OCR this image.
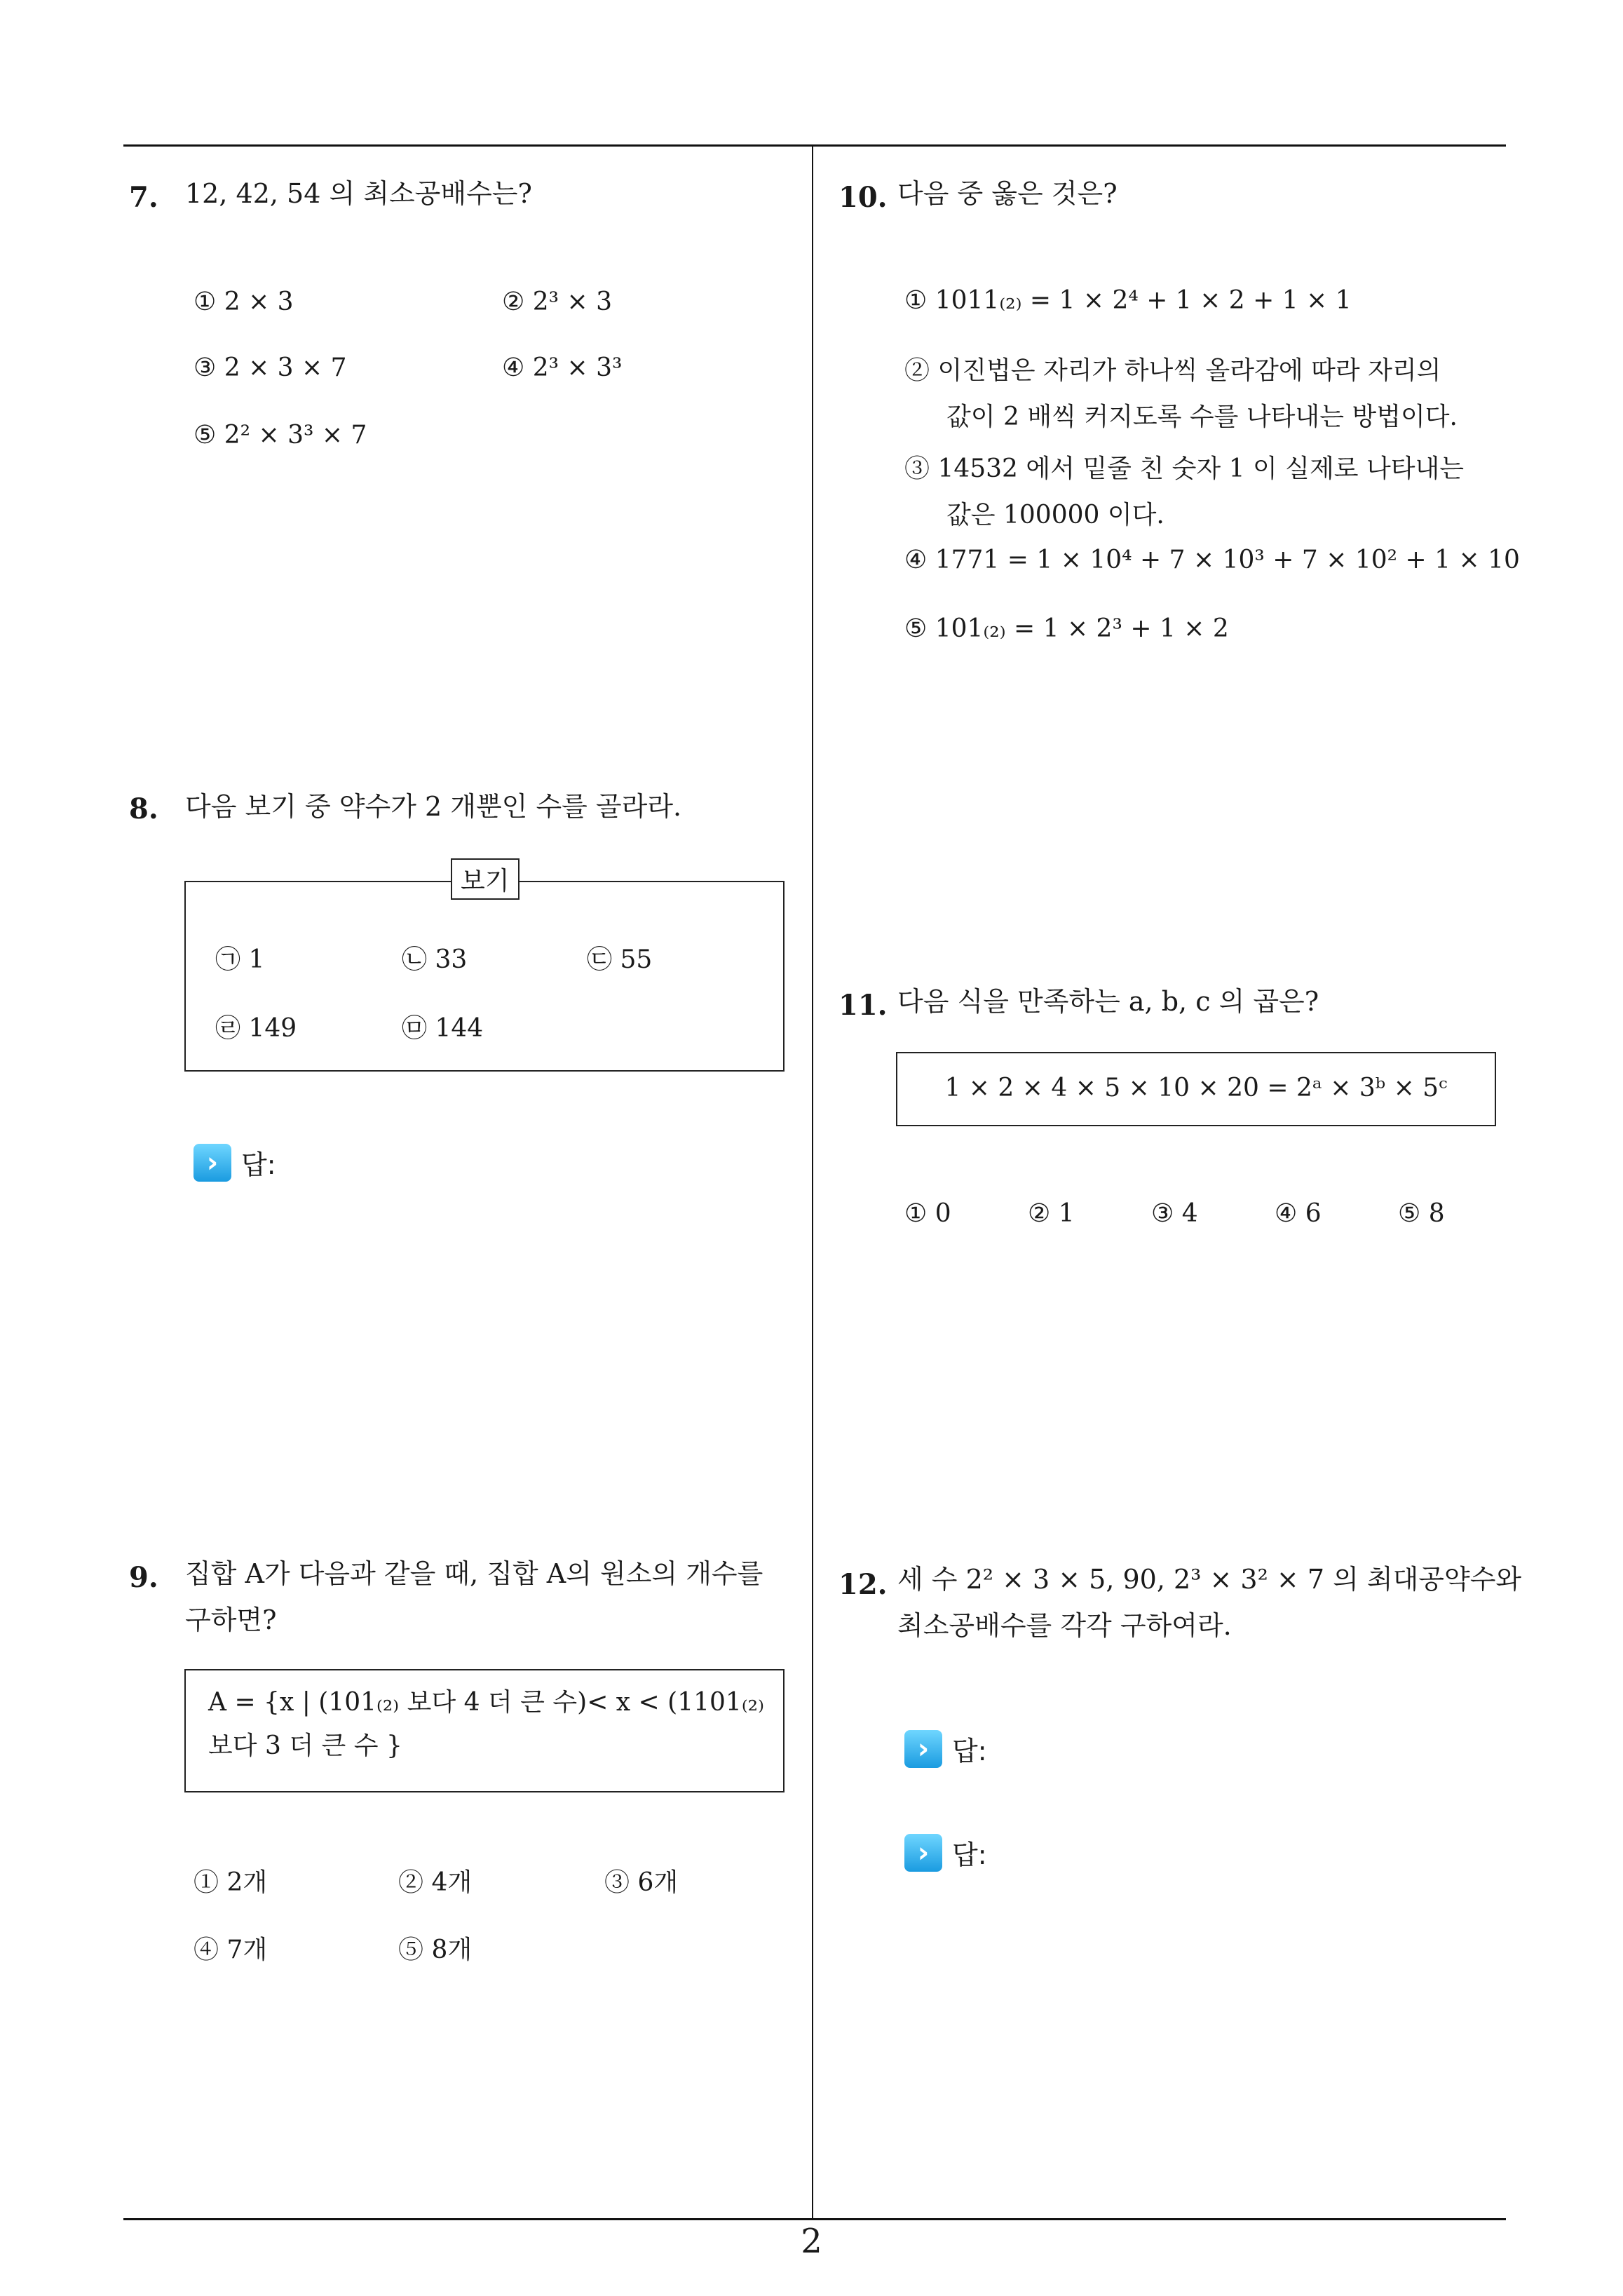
7. 12, 42, 54 의 최소공배수는?
① 2 × 3	② 2³ × 3
③ 2 × 3 × 7	④ 2³ × 3³
⑤ 2² × 3³ × 7
8. 다음 보기 중 약수가 2 개뿐인 수를 골라라.
보기
㉠ 1	㉡ 33	㉢ 55
㉣ 149	㉤ 144
› 답:
9. 집합 A가 다음과 같을 때, 집합 A의 원소의 개수를
구하면?
A = {x | (101₍₂₎ 보다 4 더 큰 수)< x < (1101₍₂₎
보다 3 더 큰 수 }
① 2개	② 4개	③ 6개
④ 7개	⑤ 8개
10. 다음 중 옳은 것은?
① 1011₍₂₎ = 1 × 2⁴ + 1 × 2 + 1 × 1
② 이진법은 자리가 하나씩 올라감에 따라 자리의
값이 2 배씩 커지도록 수를 나타내는 방법이다.
③ 14532 에서 밑줄 친 숫자 1 이 실제로 나타내는
값은 100000 이다.
④ 1771 = 1 × 10⁴ + 7 × 10³ + 7 × 10² + 1 × 10
⑤ 101₍₂₎ = 1 × 2³ + 1 × 2
11. 다음 식을 만족하는 a, b, c 의 곱은?
1 × 2 × 4 × 5 × 10 × 20 = 2ᵃ × 3ᵇ × 5ᶜ
① 0	② 1	③ 4	④ 6	⑤ 8
12. 세 수 2² × 3 × 5, 90, 2³ × 3² × 7 의 최대공약수와
최소공배수를 각각 구하여라.
› 답:
› 답:
2
